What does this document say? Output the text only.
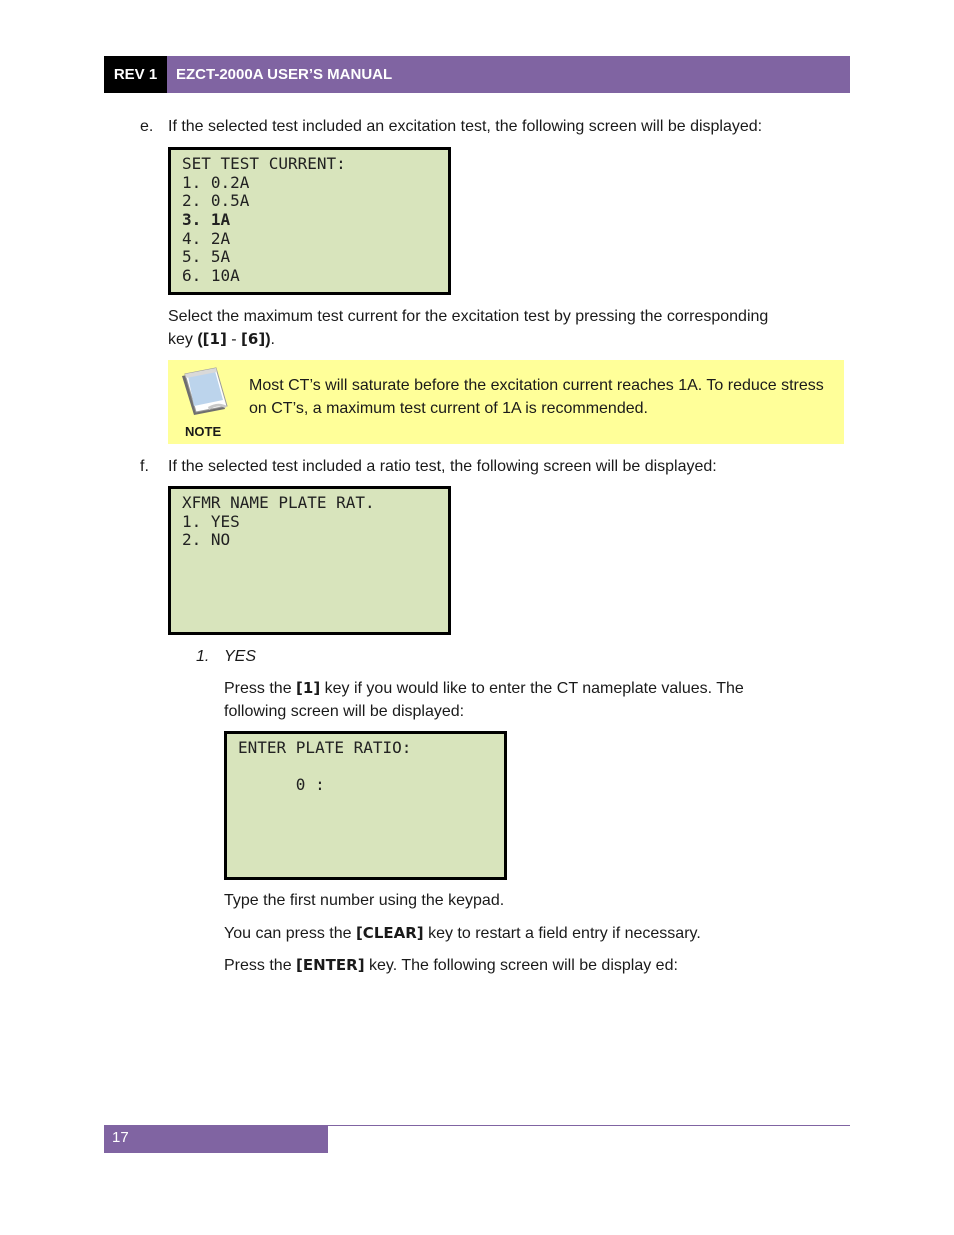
REV 1	EZCT-2000A USER’S MANUAL
e. If the selected test included an excitation test, the following screen will be displayed:
SET TEST CURRENT:
1. 0.2A
2. 0.5A
3. 1A
4. 2A
5. 5A
6. 10A
Select the maximum test current for the excitation test by pressing the corresponding
key ([1] - [6]).
NOTE
Most CT’s will saturate before the excitation current reaches 1A. To reduce stress on CT’s, a maximum test current of 1A is recommended.
f.	If the selected test included a ratio test, the following screen will be displayed:
XFMR NAME PLATE RAT.
1. YES
2. NO
1. YES
Press the [1] key if you would like to enter the CT nameplate values. The following screen will be displayed:
ENTER PLATE RATIO:
0 :
Type the first number using the keypad.
You can press the [CLEAR] key to restart a field entry if necessary.
Press the [ENTER] key. The following screen will be display ed:
17
